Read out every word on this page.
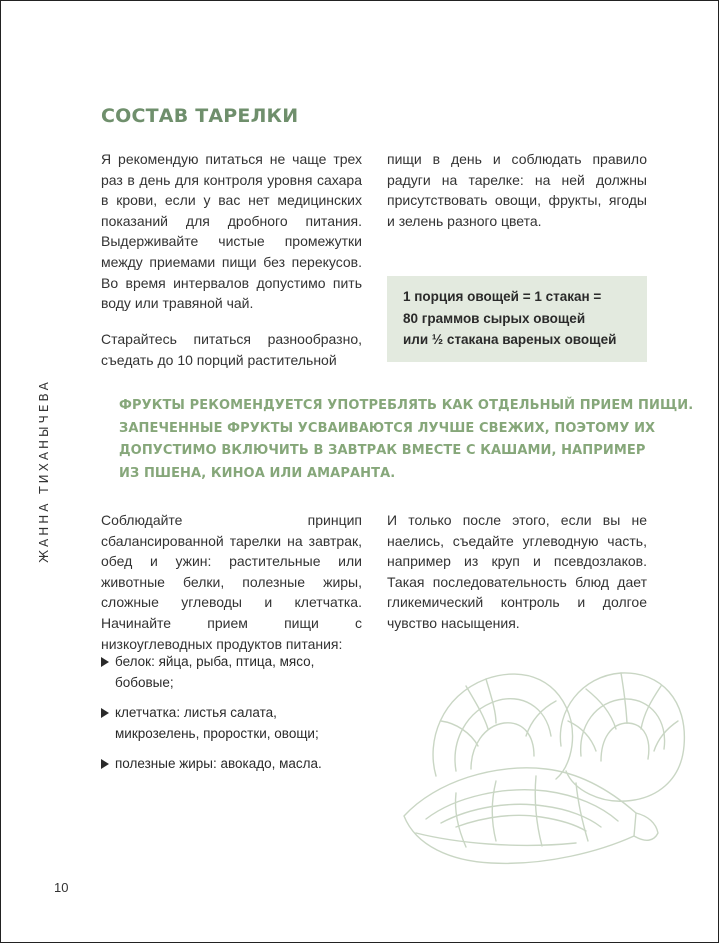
СОСТАВ ТАРЕЛКИ

Я рекомендую питаться не чаще трех раз в день для контроля уровня сахара в крови, если у вас нет медицинских показаний для дробного питания. Выдерживайте чистые промежутки между приемами пищи без перекусов. Во время интервалов допустимо пить воду или травяной чай.

Старайтесь питаться разнообразно, съедать до 10 порций растительной

пищи в день и соблюдать правило радуги на тарелке: на ней должны присутствовать овощи, фрукты, ягоды и зелень разного цвета.

1 порция овощей = 1 стакан =
80 граммов сырых овощей
или ½ стакана вареных овощей
ФРУКТЫ РЕКОМЕНДУЕТСЯ УПОТРЕБЛЯТЬ КАК ОТДЕЛЬНЫЙ ПРИЕМ ПИЩИ.
ЗАПЕЧЕННЫЕ ФРУКТЫ УСВАИВАЮТСЯ ЛУЧШЕ СВЕЖИХ, ПОЭТОМУ ИХ
ДОПУСТИМО ВКЛЮЧИТЬ В ЗАВТРАК ВМЕСТЕ С КАШАМИ, НАПРИМЕР
ИЗ ПШЕНА, КИНОА ИЛИ АМАРАНТА.

Соблюдайте принцип сбалансированной тарелки на завтрак, обед и ужин: растительные или животные белки, полезные жиры, сложные углеводы и клетчатка. Начинайте прием пищи с низкоуглеводных продуктов питания:

белок: яйца, рыба, птица, мясо, бобовые;
клетчатка: листья салата, микрозелень, проростки, овощи;
полезные жиры: авокадо, масла.

И только после этого, если вы не наелись, съедайте углеводную часть, например из круп и псевдозлаков. Такая последовательность блюд дает гликемический контроль и долгое чувство насыщения.

ЖАННА ТИХАНЫЧЕВА
10
